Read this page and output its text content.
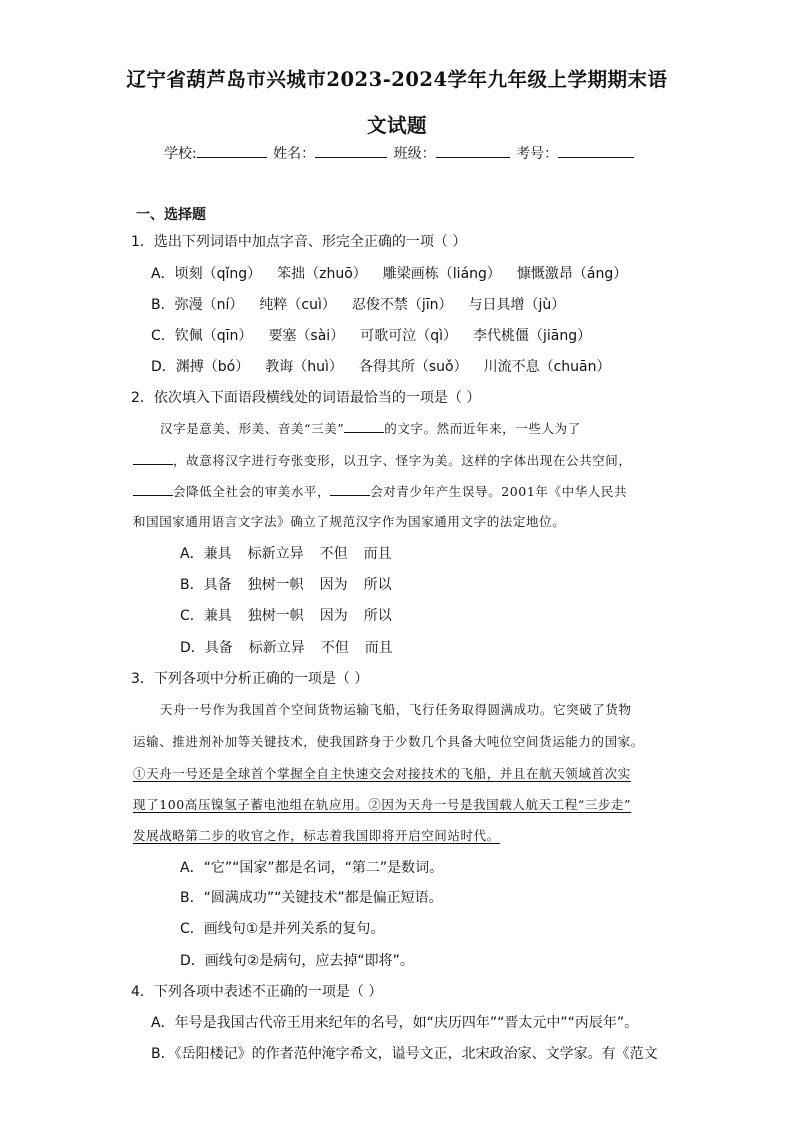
辽宁省葫芦岛市兴城市2023-2024学年九年级上学期期末语
文试题
学校:	姓名：	班级：	考号：
一、选择题
1．选出下列词语中加点字音、形完全正确的一项（ ）
A．顷刻（qǐng） 笨拙（zhuō） 雕梁画栋（liáng） 慷慨激昂（áng）
B．弥漫（ní） 纯粹（cuì） 忍俊不禁（jīn） 与日具增（jù）
C．钦佩（qīn） 要塞（sài） 可歌可泣（qì） 李代桃僵（jiāng）
D．渊搏（bó） 教诲（huì） 各得其所（suǒ） 川流不息（chuān）
2．依次填入下面语段横线处的词语最恰当的一项是（ ）
汉字是意美、形美、音美“三美”	的文字。然而近年来，一些人为了
，故意将汉字进行夸张变形，以丑字、怪字为美。这样的字体出现在公共空间，
会降低全社会的审美水平，	会对青少年产生误导。2001年《中华人民共
和国国家通用语言文字法》确立了规范汉字作为国家通用文字的法定地位。
A．兼具 标新立异 不但 而且
B．具备 独树一帜 因为 所以
C．兼具 独树一帜 因为 所以
D．具备 标新立异 不但 而且
3．下列各项中分析正确的一项是（ ）
天舟一号作为我国首个空间货物运输飞船，飞行任务取得圆满成功。它突破了货物
运输、推进剂补加等关键技术，使我国跻身于少数几个具备大吨位空间货运能力的国家。
①天舟一号还是全球首个掌握全自主快速交会对接技术的飞船，并且在航天领域首次实
现了100高压镍氢子蓄电池组在轨应用。②因为天舟一号是我国载人航天工程“三步走”
发展战略第二步的收官之作，标志着我国即将开启空间站时代。
A．“它”“国家”都是名词，“第二”是数词。
B．“圆满成功”“关键技术”都是偏正短语。
C．画线句①是并列关系的复句。
D．画线句②是病句，应去掉“即将”。
4．下列各项中表述不正确的一项是（ ）
A．年号是我国古代帝王用来纪年的名号，如“庆历四年”“晋太元中”“丙辰年”。
B．《岳阳楼记》的作者范仲淹字希文，谥号文正，北宋政治家、文学家。有《范文
